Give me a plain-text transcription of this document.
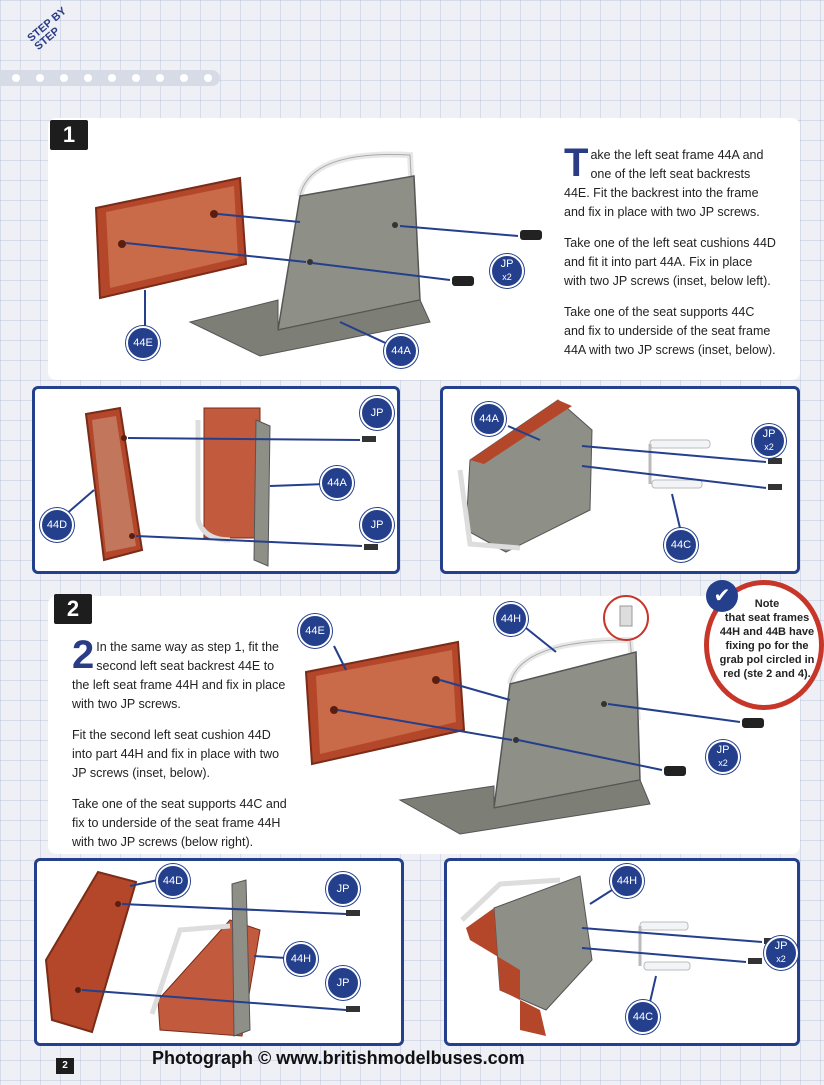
STEP BY STEP
1
44E
44A
JP
x2

Take the left seat frame 44A and one of the left seat backrests 44E. Fit the backrest into the frame and fix in place with two JP screws.

Take one of the left seat cushions 44D and fit it into part 44A. Fix in place with two JP screws (inset, below left).

Take one of the seat supports 44C and fix to underside of the seat frame 44A with two JP screws (inset, below).

JP
44A
44D	JP
44A
JP
x2
44C
2

2 In the same way as step 1, fit the second left seat backrest 44E to the left seat frame 44H and fix in place with two JP screws.

Fit the second left seat cushion 44D into part 44H and fix in place with two JP screws (inset, below).

Take one of the seat supports 44C and fix to underside of the seat frame 44H with two JP screws (below right).

44E
44H
JP
x2
Note
that seat frames 44H and 44B have fixing po for the grab pol circled in red (ste 2 and 4).
✔
44D
JP
44H
JP
44H
JP
x2
44C
2	Photograph © www.britishmodelbuses.com
